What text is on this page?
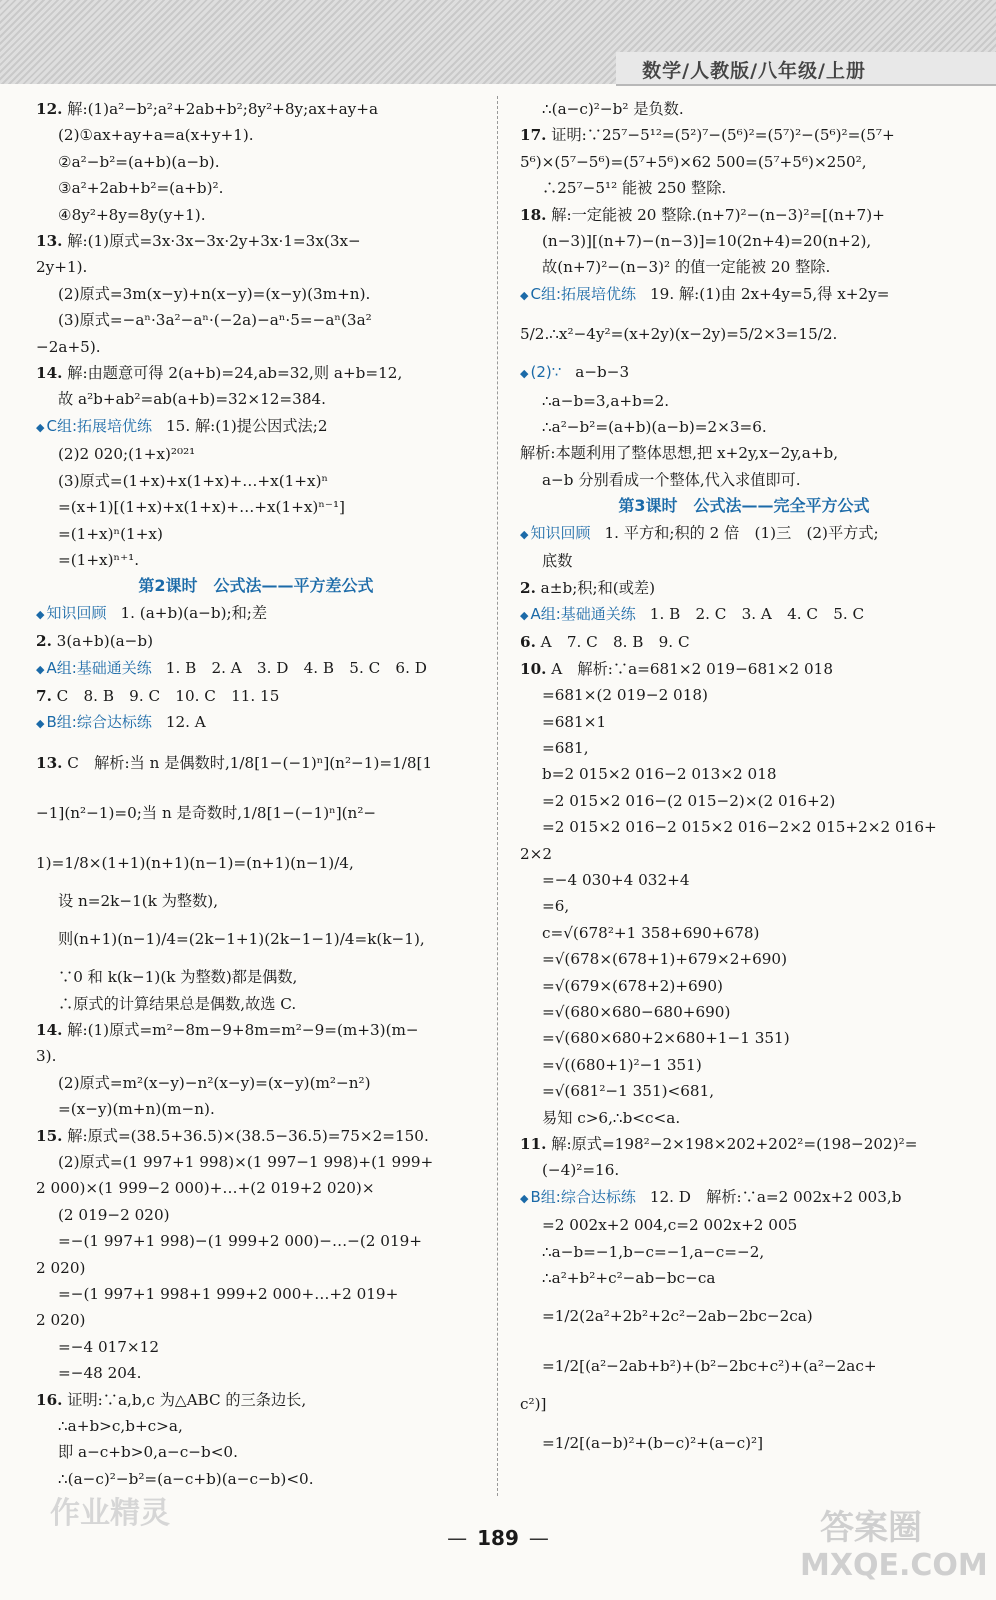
数学/人教版/八年级/上册
12. 解:(1)a²−b²;a²+2ab+b²;8y²+8y;ax+ay+a
(2)①ax+ay+a=a(x+y+1).
②a²−b²=(a+b)(a−b).
③a²+2ab+b²=(a+b)².
④8y²+8y=8y(y+1).
13. 解:(1)原式=3x·3x−3x·2y+3x·1=3x(3x−
2y+1).
(2)原式=3m(x−y)+n(x−y)=(x−y)(3m+n).
(3)原式=−aⁿ·3a²−aⁿ·(−2a)−aⁿ·5=−aⁿ(3a²
−2a+5).
14. 解:由题意可得 2(a+b)=24,ab=32,则 a+b=12,
故 a²b+ab²=ab(a+b)=32×12=384.
◆ C组:拓展培优练 15. 解:(1)提公因式法;2
(2)2 020;(1+x)²⁰²¹
(3)原式=(1+x)+x(1+x)+…+x(1+x)ⁿ
=(x+1)[(1+x)+x(1+x)+…+x(1+x)ⁿ⁻¹]
=(1+x)ⁿ(1+x)
=(1+x)ⁿ⁺¹.
第2课时　公式法——平方差公式
◆ 知识回顾 1. (a+b)(a−b);和;差
2. 3(a+b)(a−b)
◆ A组:基础通关练 1. B　2. A　3. D　4. B　5. C　6. D
7. C　8. B　9. C　10. C　11. 15
◆ B组:综合达标练 12. A
13. C　解析:当 n 是偶数时,1/8[1−(−1)ⁿ](n²−1)=1/8[1
−1](n²−1)=0;当 n 是奇数时,1/8[1−(−1)ⁿ](n²−
1)=1/8×(1+1)(n+1)(n−1)=(n+1)(n−1)/4,
设 n=2k−1(k 为整数),
则(n+1)(n−1)/4=(2k−1+1)(2k−1−1)/4=k(k−1),
∵0 和 k(k−1)(k 为整数)都是偶数,
∴原式的计算结果总是偶数,故选 C.
14. 解:(1)原式=m²−8m−9+8m=m²−9=(m+3)(m−
3).
(2)原式=m²(x−y)−n²(x−y)=(x−y)(m²−n²)
=(x−y)(m+n)(m−n).
15. 解:原式=(38.5+36.5)×(38.5−36.5)=75×2=150.
(2)原式=(1 997+1 998)×(1 997−1 998)+(1 999+
2 000)×(1 999−2 000)+…+(2 019+2 020)×
(2 019−2 020)
=−(1 997+1 998)−(1 999+2 000)−…−(2 019+
2 020)
=−(1 997+1 998+1 999+2 000+…+2 019+
2 020)
=−4 017×12
=−48 204.
16. 证明:∵a,b,c 为△ABC 的三条边长,
∴a+b>c,b+c>a,
即 a−c+b>0,a−c−b<0.
∴(a−c)²−b²=(a−c+b)(a−c−b)<0.
∴(a−c)²−b² 是负数.
17. 证明:∵25⁷−5¹²=(5²)⁷−(5⁶)²=(5⁷)²−(5⁶)²=(5⁷+
5⁶)×(5⁷−5⁶)=(5⁷+5⁶)×62 500=(5⁷+5⁶)×250²,
∴25⁷−5¹² 能被 250 整除.
18. 解:一定能被 20 整除.(n+7)²−(n−3)²=[(n+7)+
(n−3)][(n+7)−(n−3)]=10(2n+4)=20(n+2),
故(n+7)²−(n−3)² 的值一定能被 20 整除.
◆ C组:拓展培优练 19. 解:(1)由 2x+4y=5,得 x+2y=
5/2.∴x²−4y²=(x+2y)(x−2y)=5/2×3=15/2.
◆ (2)∵ a−b−3
∴a−b=3,a+b=2.
∴a²−b²=(a+b)(a−b)=2×3=6.
解析:本题利用了整体思想,把 x+2y,x−2y,a+b,
a−b 分别看成一个整体,代入求值即可.
第3课时　公式法——完全平方公式
◆ 知识回顾 1. 平方和;积的 2 倍　(1)三　(2)平方式;
底数
2. a±b;积;和(或差)
◆ A组:基础通关练 1. B　2. C　3. A　4. C　5. C
6. A　7. C　8. B　9. C
10. A　解析:∵a=681×2 019−681×2 018
=681×(2 019−2 018)
=681×1
=681,
b=2 015×2 016−2 013×2 018
=2 015×2 016−(2 015−2)×(2 016+2)
=2 015×2 016−2 015×2 016−2×2 015+2×2 016+
2×2
=−4 030+4 032+4
=6,
c=√(678²+1 358+690+678)
=√(678×(678+1)+679×2+690)
=√(679×(678+2)+690)
=√(680×680−680+690)
=√(680×680+2×680+1−1 351)
=√((680+1)²−1 351)
=√(681²−1 351)<681,
易知 c>6,∴b<c<a.
11. 解:原式=198²−2×198×202+202²=(198−202)²=
(−4)²=16.
◆ B组:综合达标练 12. D　解析:∵a=2 002x+2 003,b
=2 002x+2 004,c=2 002x+2 005
∴a−b=−1,b−c=−1,a−c=−2,
∴a²+b²+c²−ab−bc−ca
=1/2(2a²+2b²+2c²−2ab−2bc−2ca)
=1/2[(a²−2ab+b²)+(b²−2bc+c²)+(a²−2ac+
c²)]
=1/2[(a−b)²+(b−c)²+(a−c)²]
— 189 —
作业精灵	答案圈
MXQE.COM
